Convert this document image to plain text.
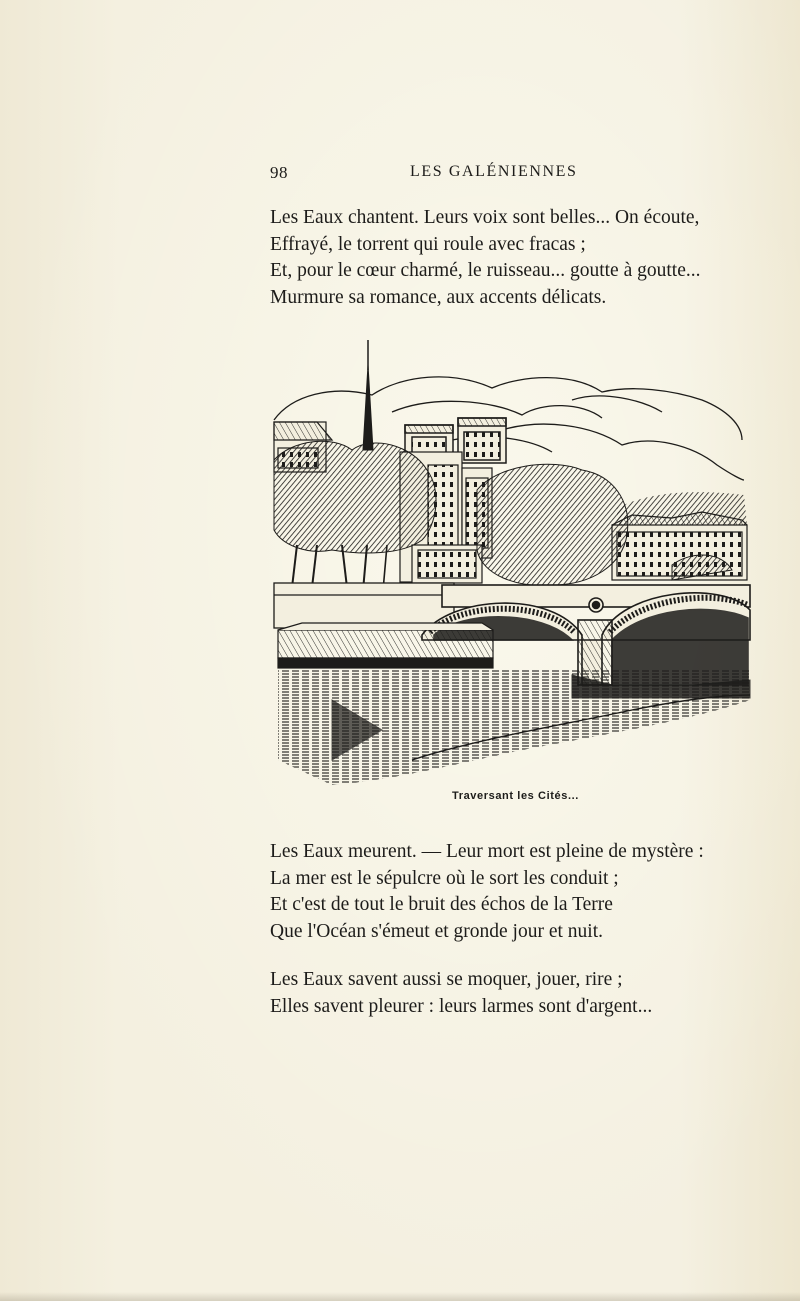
98	LES GALÉNIENNES
Les Eaux chantent. Leurs voix sont belles... On écoute,
Effrayé, le torrent qui roule avec fracas ;
Et, pour le cœur charmé, le ruisseau... goutte à goutte...
Murmure sa romance, aux accents délicats.
Traversant les Cités...
Les Eaux meurent. — Leur mort est pleine de mystère :
La mer est le sépulcre où le sort les conduit ;
Et c'est de tout le bruit des échos de la Terre
Que l'Océan s'émeut et gronde jour et nuit.
Les Eaux savent aussi se moquer, jouer, rire ;
Elles savent pleurer : leurs larmes sont d'argent...
